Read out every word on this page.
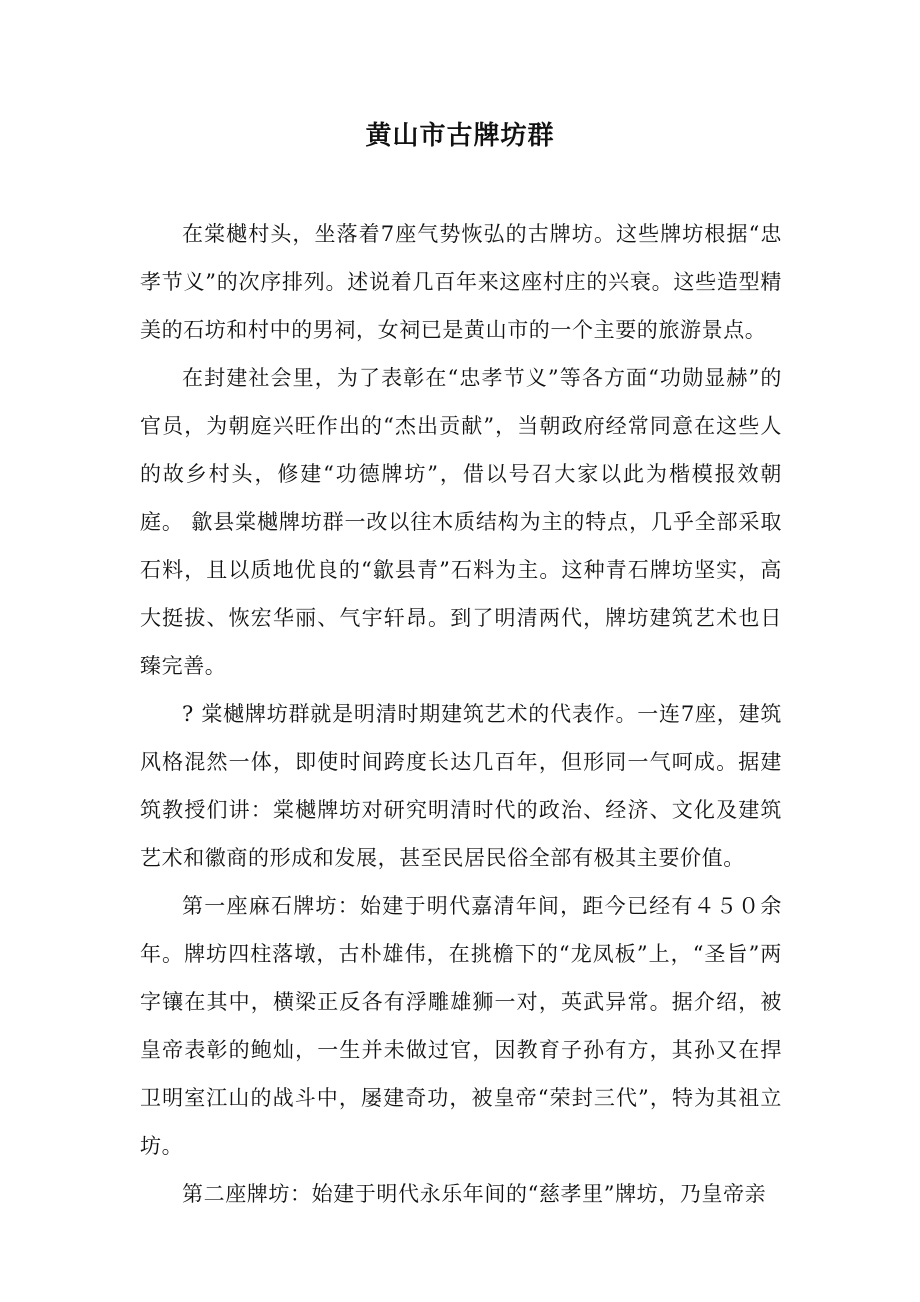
黄山市古牌坊群

在棠樾村头，坐落着7座气势恢弘的古牌坊。这些牌坊根据“忠孝节义”的次序排列。述说着几百年来这座村庄的兴衰。这些造型精美的石坊和村中的男祠，女祠已是黄山市的一个主要的旅游景点。

在封建社会里，为了表彰在“忠孝节义”等各方面“功勋显赫”的官员，为朝庭兴旺作出的“杰出贡献”，当朝政府经常同意在这些人的故乡村头，修建“功德牌坊”，借以号召大家以此为楷模报效朝庭。 歙县棠樾牌坊群一改以往木质结构为主的特点，几乎全部采取石料，且以质地优良的“歙县青”石料为主。这种青石牌坊坚实，高大挺拔、恢宏华丽、气宇轩昂。到了明清两代，牌坊建筑艺术也日臻完善。

? 棠樾牌坊群就是明清时期建筑艺术的代表作。一连7座，建筑风格混然一体，即使时间跨度长达几百年，但形同一气呵成。据建筑教授们讲：棠樾牌坊对研究明清时代的政治、经济、文化及建筑艺术和徽商的形成和发展，甚至民居民俗全部有极其主要价值。

第一座麻石牌坊：始建于明代嘉清年间，距今已经有４５０余年。牌坊四柱落墩，古朴雄伟，在挑檐下的“龙凤板”上，“圣旨”两字镶在其中，横梁正反各有浮雕雄狮一对，英武异常。据介绍，被皇帝表彰的鲍灿，一生并未做过官，因教育子孙有方，其孙又在捍卫明室江山的战斗中，屡建奇功，被皇帝“荣封三代”，特为其祖立坊。

第二座牌坊：始建于明代永乐年间的“慈孝里”牌坊，乃皇帝亲
